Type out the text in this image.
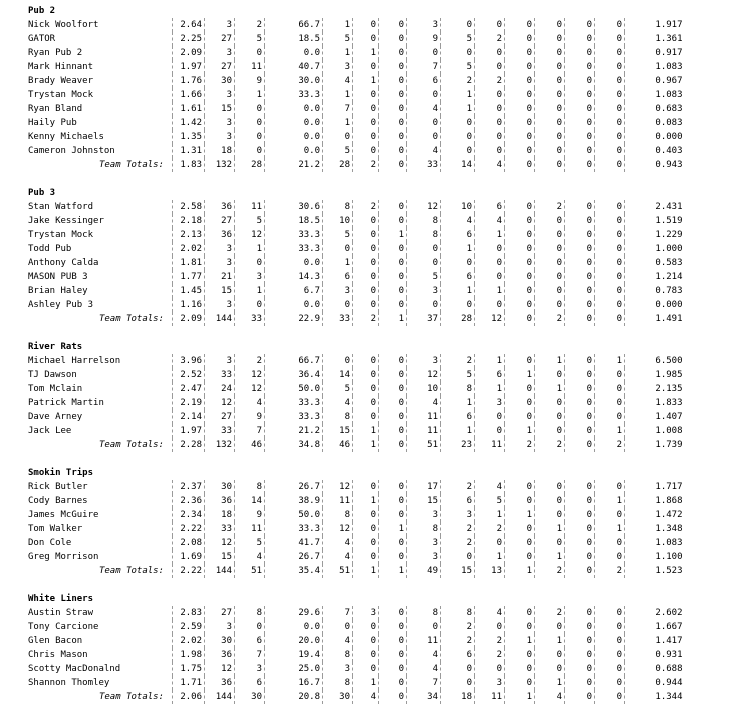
Pub 2															
Nick Woolfort	2.64	3	2	66.7	1	0	0	3	0	0	0	0	0	0	1.917
GATOR	2.25	27	5	18.5	5	0	0	9	5	2	0	0	0	0	1.361
Ryan Pub 2	2.09	3	0	0.0	1	1	0	0	0	0	0	0	0	0	0.917
Mark Hinnant	1.97	27	11	40.7	3	0	0	7	5	0	0	0	0	0	1.083
Brady Weaver	1.76	30	9	30.0	4	1	0	6	2	2	0	0	0	0	0.967
Trystan Mock	1.66	3	1	33.3	1	0	0	0	1	0	0	0	0	0	1.083
Ryan Bland	1.61	15	0	0.0	7	0	0	4	1	0	0	0	0	0	0.683
Haily Pub	1.42	3	0	0.0	1	0	0	0	0	0	0	0	0	0	0.083
Kenny Michaels	1.35	3	0	0.0	0	0	0	0	0	0	0	0	0	0	0.000
Cameron Johnston	1.31	18	0	0.0	5	0	0	4	0	0	0	0	0	0	0.403
Team Totals:	1.83	132	28	21.2	28	2	0	33	14	4	0	0	0	0	0.943

Pub 3															
Stan Watford	2.58	36	11	30.6	8	2	0	12	10	6	0	2	0	0	2.431
Jake Kessinger	2.18	27	5	18.5	10	0	0	8	4	4	0	0	0	0	1.519
Trystan Mock	2.13	36	12	33.3	5	0	1	8	6	1	0	0	0	0	1.229
Todd Pub	2.02	3	1	33.3	0	0	0	0	1	0	0	0	0	0	1.000
Anthony Calda	1.81	3	0	0.0	1	0	0	0	0	0	0	0	0	0	0.583
MASON PUB 3	1.77	21	3	14.3	6	0	0	5	6	0	0	0	0	0	1.214
Brian Haley	1.45	15	1	6.7	3	0	0	3	1	1	0	0	0	0	0.783
Ashley Pub 3	1.16	3	0	0.0	0	0	0	0	0	0	0	0	0	0	0.000
Team Totals:	2.09	144	33	22.9	33	2	1	37	28	12	0	2	0	0	1.491

River Rats															
Michael Harrelson	3.96	3	2	66.7	0	0	0	3	2	1	0	1	0	1	6.500
TJ Dawson	2.52	33	12	36.4	14	0	0	12	5	6	1	0	0	0	1.985
Tom Mclain	2.47	24	12	50.0	5	0	0	10	8	1	0	1	0	0	2.135
Patrick Martin	2.19	12	4	33.3	4	0	0	4	1	3	0	0	0	0	1.833
Dave Arney	2.14	27	9	33.3	8	0	0	11	6	0	0	0	0	0	1.407
Jack Lee	1.97	33	7	21.2	15	1	0	11	1	0	1	0	0	1	1.008
Team Totals:	2.28	132	46	34.8	46	1	0	51	23	11	2	2	0	2	1.739

Smokin Trips															
Rick Butler	2.37	30	8	26.7	12	0	0	17	2	4	0	0	0	0	1.717
Cody Barnes	2.36	36	14	38.9	11	1	0	15	6	5	0	0	0	1	1.868
James McGuire	2.34	18	9	50.0	8	0	0	3	3	1	1	0	0	0	1.472
Tom Walker	2.22	33	11	33.3	12	0	1	8	2	2	0	1	0	1	1.348
Don Cole	2.08	12	5	41.7	4	0	0	3	2	0	0	0	0	0	1.083
Greg Morrison	1.69	15	4	26.7	4	0	0	3	0	1	0	1	0	0	1.100
Team Totals:	2.22	144	51	35.4	51	1	1	49	15	13	1	2	0	2	1.523

White Liners															
Austin Straw	2.83	27	8	29.6	7	3	0	8	8	4	0	2	0	0	2.602
Tony Carcione	2.59	3	0	0.0	0	0	0	0	2	0	0	0	0	0	1.667
Glen Bacon	2.02	30	6	20.0	4	0	0	11	2	2	1	1	0	0	1.417
Chris Mason	1.98	36	7	19.4	8	0	0	4	6	2	0	0	0	0	0.931
Scotty MacDonalnd	1.75	12	3	25.0	3	0	0	4	0	0	0	0	0	0	0.688
Shannon Thomley	1.71	36	6	16.7	8	1	0	7	0	3	0	1	0	0	0.944
Team Totals:	2.06	144	30	20.8	30	4	0	34	18	11	1	4	0	0	1.344
